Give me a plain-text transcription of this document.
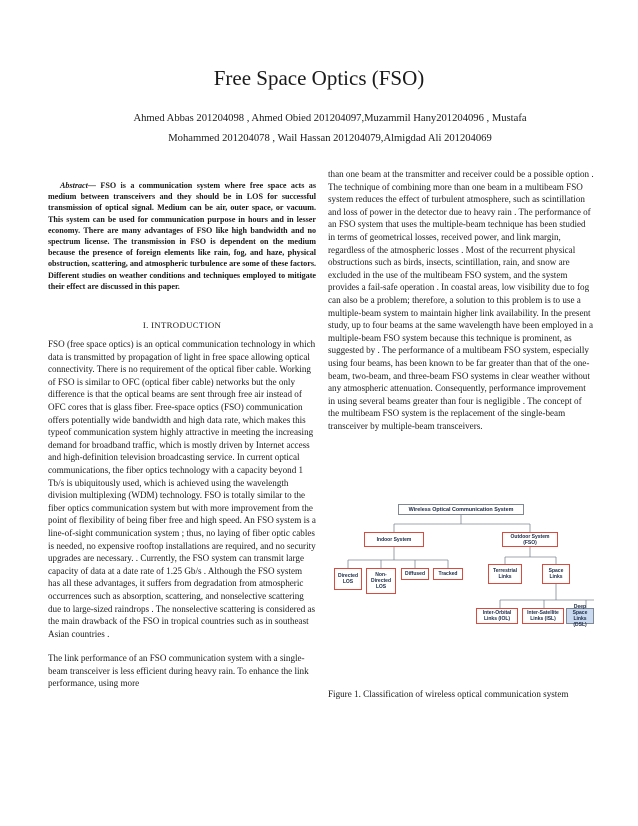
Free Space Optics (FSO)
Ahmed Abbas 201204098 , Ahmed Obied 201204097,Muzammil Hany201204096 , Mustafa
Mohammed 201204078 , Wail Hassan 201204079,Almigdad Ali 201204069

Abstract— FSO is a communication system where free space acts as medium between transceivers and they should be in LOS for successful transmission of optical signal. Medium can be air, outer space, or vacuum. This system can be used for communication purpose in hours and in lesser economy. There are many advantages of FSO like high bandwidth and no spectrum license. The transmission in FSO is dependent on the medium because the presence of foreign elements like rain, fog, and haze, physical obstruction, scattering, and atmospheric turbulence are some of these factors. Different studies on weather conditions and techniques employed to mitigate their effect are discussed in this paper.

I. INTRODUCTION

FSO (free space optics) is an optical communication technology in which data is transmitted by propagation of light in free space allowing optical connectivity. There is no requirement of the optical fiber cable. Working of FSO is similar to OFC (optical fiber cable) networks but the only difference is that the optical beams are sent through free air instead of OFC cores that is glass fiber. Free-space optics (FSO) communication offers potentially wide bandwidth and high data rate, which makes this typeof communication system highly attractive in meeting the increasing demand for broadband traffic, which is mostly driven by Internet access and high-definition television broadcasting service. In current optical communications, the fiber optics technology with a capacity beyond 1 Tb/s is ubiquitously used, which is achieved using the wavelength division multiplexing (WDM) technology. FSO is totally similar to the fiber optics communication system but with more improvement from the point of flexibility of being fiber free and high speed. An FSO system is a line-of-sight communication system ; thus, no laying of fiber optic cables is needed, no expensive rooftop installations are required, and no security upgrades are necessary. . Currently, the FSO system can transmit large capacity of data at a date rate of 1.25 Gb/s . Although the FSO system has all these advantages, it suffers from degradation from atmospheric occurrences such as absorption, scattering, and nonselective scattering due to large-sized raindrops . The nonselective scattering is considered as the main drawback of the FSO in tropical countries such as in southeast Asian countries .

The link performance of an FSO communication system with a single-beam transceiver is less efficient during heavy rain. To enhance the link performance, using more

than one beam at the transmitter and receiver could be a possible option . The technique of combining more than one beam in a multibeam FSO system reduces the effect of turbulent atmosphere, such as scintillation and loss of power in the detector due to heavy rain . The performance of an FSO system that uses the multiple-beam technique has been studied in terms of geometrical losses, received power, and link margin, regardless of the atmospheric losses . Most of the recurrent physical obstructions such as birds, insects, scintillation, rain, and snow are excluded in the use of the multibeam FSO system, and the system provides a fail-safe operation . In coastal areas, low visibility due to fog can also be a problem; therefore, a solution to this problem is to use a multiple-beam system to maintain higher link availability. In the present study, up to four beams at the same wavelength have been employed in a multiple-beam FSO system because this technique is prominent, as suggested by . The performance of a multibeam FSO system, especially using four beams, has been known to be far greater than that of the one-beam, two-beam, and three-beam FSO systems in clear weather without any atmospheric attenuation. Consequently, performance improvement in using several beams greater than four is negligible . The concept of the multibeam FSO system is the replacement of the single-beam transceiver by multiple-beam transceivers.

Wireless Optical Communication System
Indoor System	Outdoor System
(FSO)
Directed
LOS
Non-
Directed
LOS
Diffused	Tracked	Terrestrial
Links
Space
Links
Inter-Orbital
Links (IOL)
Inter-Satellite
Links (ISL)
Deep Space
Links (DSL)

Figure 1. Classification of wireless optical communication system
